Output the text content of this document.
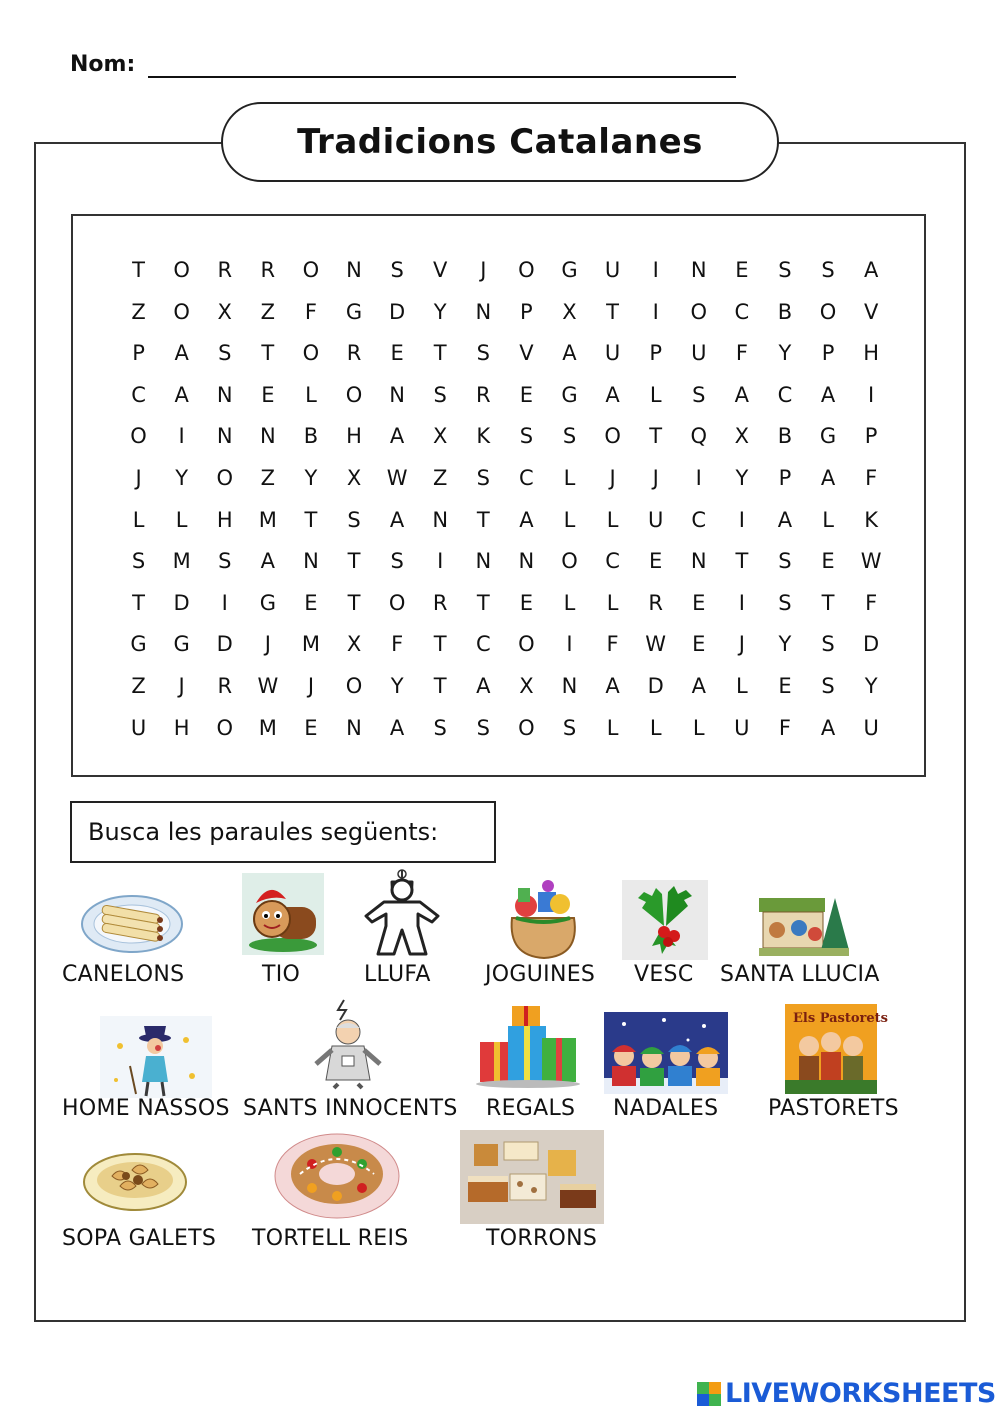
Nom:
Tradicions Catalanes
T	O	R	R	O	N	S	V	J	O	G	U	I	N	E	S	S	A
Z	O	X	Z	F	G	D	Y	N	P	X	T	I	O	C	B	O	V
P	A	S	T	O	R	E	T	S	V	A	U	P	U	F	Y	P	H
C	A	N	E	L	O	N	S	R	E	G	A	L	S	A	C	A	I
O	I	N	N	B	H	A	X	K	S	S	O	T	Q	X	B	G	P
J	Y	O	Z	Y	X	W	Z	S	C	L	J	J	I	Y	P	A	F
L	L	H	M	T	S	A	N	T	A	L	L	U	C	I	A	L	K
S	M	S	A	N	T	S	I	N	N	O	C	E	N	T	S	E	W
T	D	I	G	E	T	O	R	T	E	L	L	R	E	I	S	T	F
G	G	D	J	M	X	F	T	C	O	I	F	W	E	J	Y	S	D
Z	J	R	W	J	O	Y	T	A	X	N	A	D	A	L	E	S	Y
U	H	O	M	E	N	A	S	S	O	S	L	L	L	U	F	A	U
Busca les paraules següents:
CANELONS	TIO	LLUFA JOGUINES VESC SANTA LLUCIA
HOME NASSOS SANTS INNOCENTS REGALS NADALES
Els Pastorets
PASTORETS
SOPA GALETS TORTELL REIS	TORRONS
LIVEWORKSHEETS
